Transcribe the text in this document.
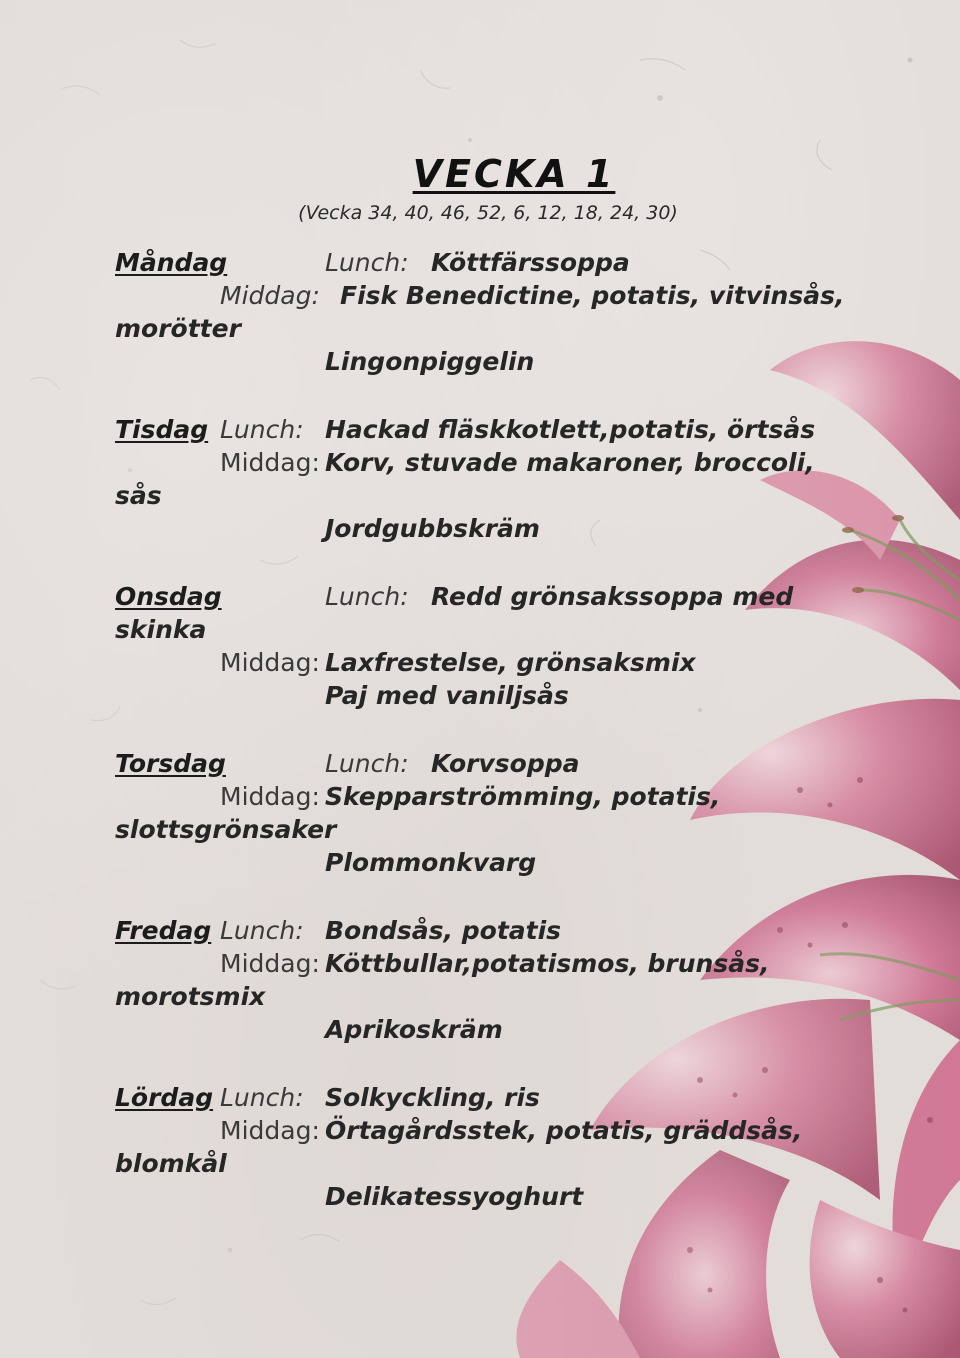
VECKA 1
(Vecka 34, 40, 46, 52, 6, 12, 18, 24, 30)
Måndag	Lunch: Köttfärssoppa
Middag: Fisk Benedictine, potatis, vitvinsås,
morötter
Lingonpiggelin
Tisdag Lunch: Hackad fläskkotlett,potatis, örtsås
Middag: Korv, stuvade makaroner, broccoli,
sås
Jordgubbskräm
Onsdag	Lunch: Redd grönsakssoppa med
skinka
Middag: Laxfrestelse, grönsaksmix
Paj med vaniljsås
Torsdag	Lunch: Korvsoppa
Middag: Skepparströmming, potatis,
slottsgrönsaker
Plommonkvarg
Fredag Lunch: Bondsås, potatis
Middag: Köttbullar,potatismos, brunsås,
morotsmix
Aprikoskräm
Lördag Lunch: Solkyckling, ris
Middag: Örtagårdsstek, potatis, gräddsås,
blomkål
Delikatessyoghurt
